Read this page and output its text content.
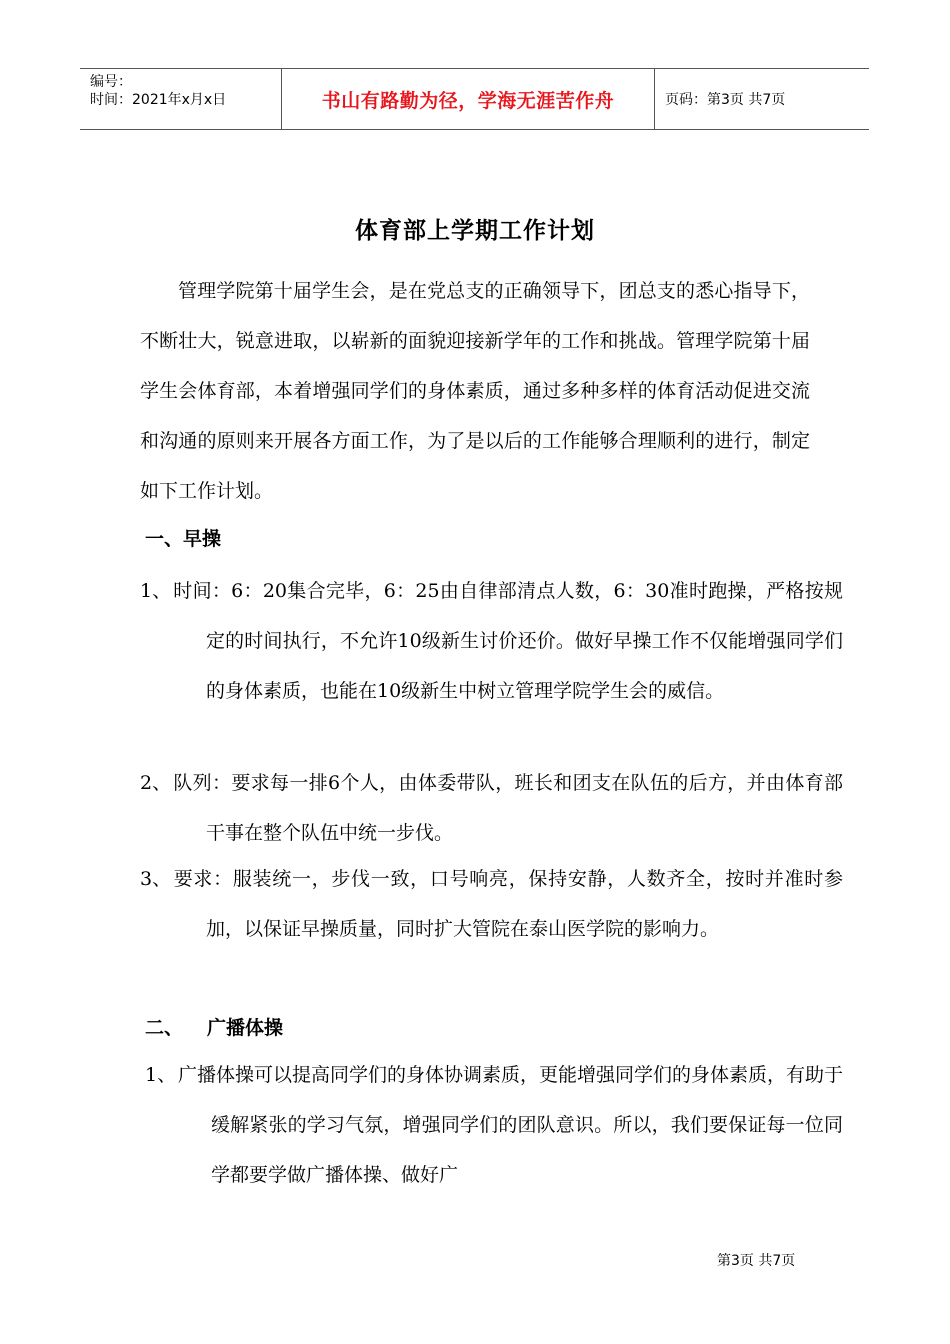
编号：
时间：2021年x月x日	书山有路勤为径，学海无涯苦作舟	页码：第3页 共7页
体育部上学期工作计划

管理学院第十届学生会，是在党总支的正确领导下，团总支的悉心指导下，不断壮大，锐意进取，以崭新的面貌迎接新学年的工作和挑战。管理学院第十届学生会体育部，本着增强同学们的身体素质，通过多种多样的体育活动促进交流和沟通的原则来开展各方面工作，为了是以后的工作能够合理顺利的进行，制定如下工作计划。

一、早操

1、 时间：6：20集合完毕，6：25由自律部清点人数，6：30准时跑操，严格按规定的时间执行，不允许10级新生讨价还价。做好早操工作不仅能增强同学们的身体素质，也能在10级新生中树立管理学院学生会的威信。

2、 队列：要求每一排6个人，由体委带队，班长和团支在队伍的后方，并由体育部干事在整个队伍中统一步伐。

3、 要求：服装统一，步伐一致，口号响亮，保持安静，人数齐全，按时并准时参加，以保证早操质量，同时扩大管院在泰山医学院的影响力。

二、 广播体操

1、 广播体操可以提高同学们的身体协调素质，更能增强同学们的身体素质，有助于缓解紧张的学习气氛，增强同学们的团队意识。所以，我们要保证每一位同学都要学做广播体操、做好广

第3页 共7页
